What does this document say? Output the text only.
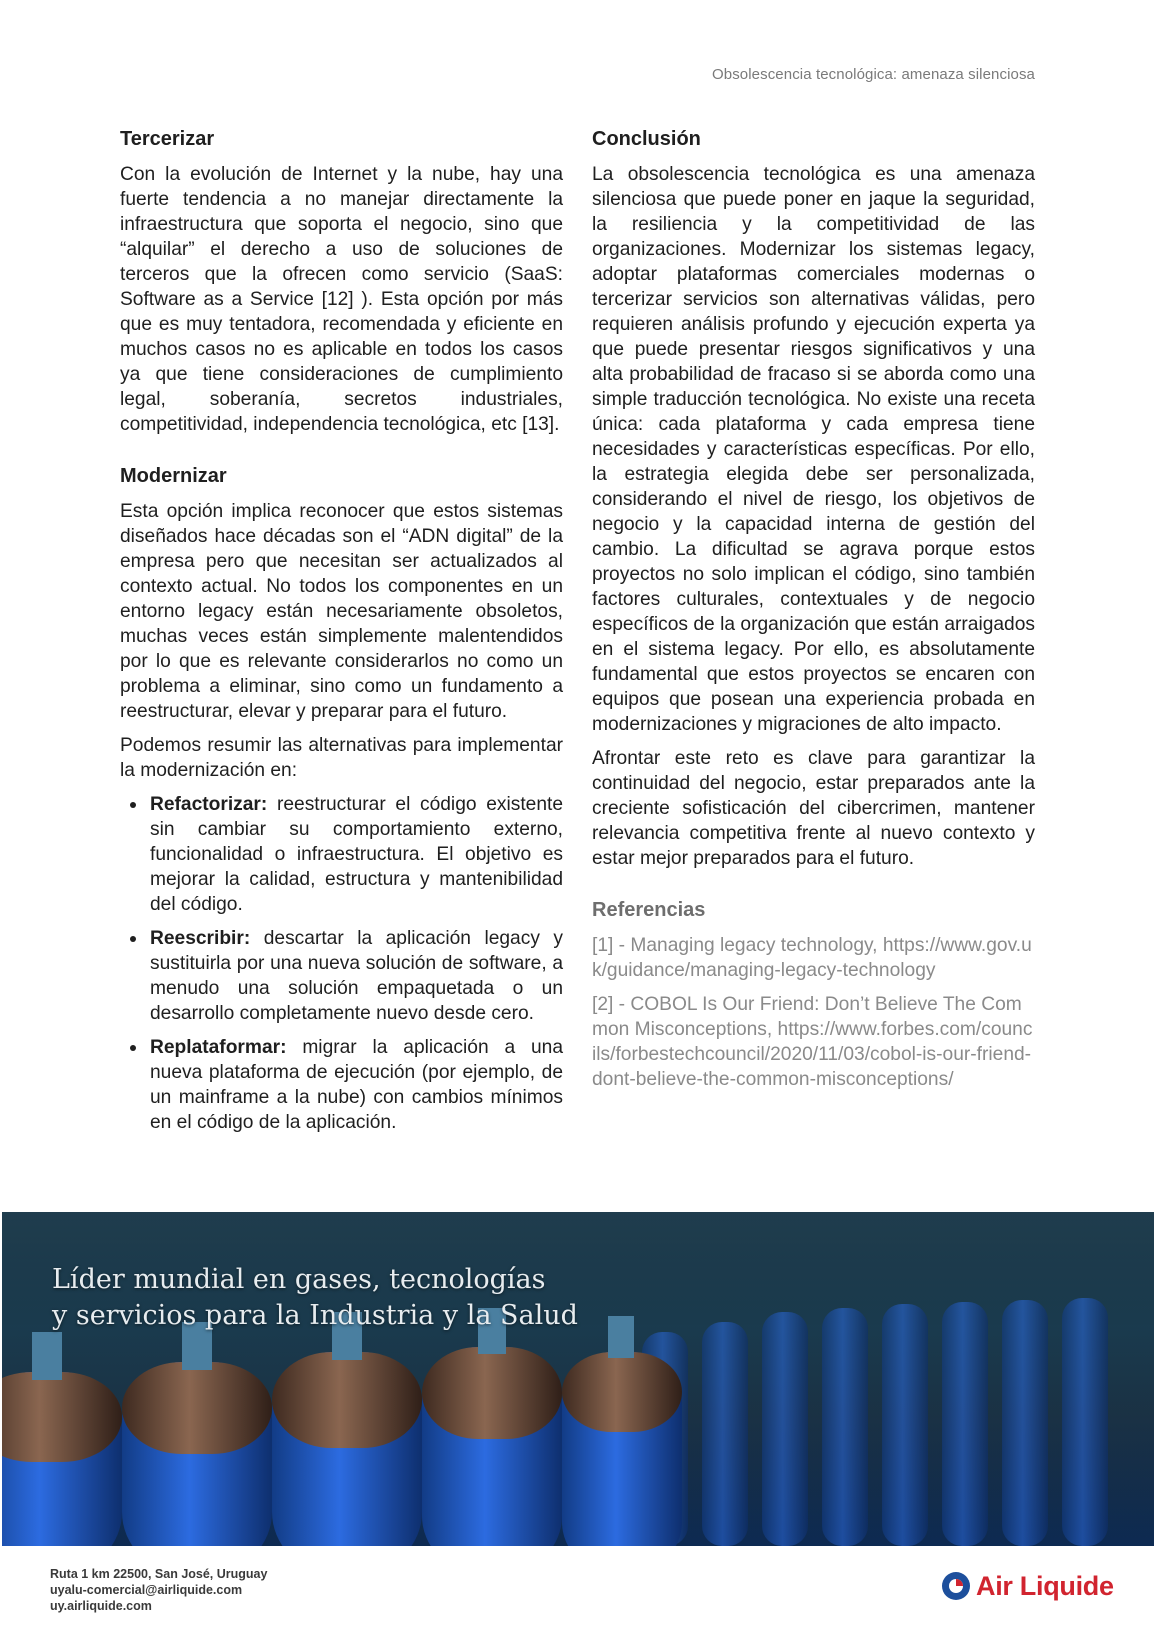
Obsolescencia tecnológica: amenaza silenciosa
Tercerizar

Con la evolución de Internet y la nube, hay una fuerte tendencia a no manejar directamente la infraestructura que soporta el negocio, sino que “alquilar” el derecho a uso de soluciones de terceros que la ofrecen como servicio (SaaS: Software as a Service [12] ). Esta opción por más que es muy tentadora, recomendada y eficiente en muchos casos no es aplicable en todos los casos ya que tiene consideraciones de cumplimiento legal, soberanía, secretos industriales, competitividad, independencia tecnológica, etc [13].

Modernizar

Esta opción implica reconocer que estos sistemas diseñados hace décadas son el “ADN digital” de la empresa pero que necesitan ser actualizados al contexto actual. No todos los componentes en un entorno legacy están necesariamente obsoletos, muchas veces están simplemente malentendidos por lo que es relevante considerarlos no como un problema a eliminar, sino como un fundamento a reestructurar, elevar y preparar para el futuro.

Podemos resumir las alternativas para implementar la modernización en:

Refactorizar: reestructurar el código existente sin cambiar su comportamiento externo, funcionalidad o infraestructura. El objetivo es mejorar la calidad, estructura y mantenibilidad del código.
Reescribir: descartar la aplicación legacy y sustituirla por una nueva solución de software, a menudo una solución empaquetada o un desarrollo completamente nuevo desde cero.
Replataformar: migrar la aplicación a una nueva plataforma de ejecución (por ejemplo, de un mainframe a la nube) con cambios mínimos en el código de la aplicación.
Conclusión

La obsolescencia tecnológica es una amenaza silenciosa que puede poner en jaque la seguridad, la resiliencia y la competitividad de las organizaciones. Modernizar los sistemas legacy, adoptar plataformas comerciales modernas o tercerizar servicios son alternativas válidas, pero requieren análisis profundo y ejecución experta ya que puede presentar riesgos significativos y una alta probabilidad de fracaso si se aborda como una simple traducción tecnológica. No existe una receta única: cada plataforma y cada empresa tiene necesidades y características específicas. Por ello, la estrategia elegida debe ser personalizada, considerando el nivel de riesgo, los objetivos de negocio y la capacidad interna de gestión del cambio. La dificultad se agrava porque estos proyectos no solo implican el código, sino también factores culturales, contextuales y de negocio específicos de la organización que están arraigados en el sistema legacy. Por ello, es absolutamente fundamental que estos proyectos se encaren con equipos que posean una experiencia probada en modernizaciones y migraciones de alto impacto.

Afrontar este reto es clave para garantizar la continuidad del negocio, estar preparados ante la creciente sofisticación del cibercrimen, mantener relevancia competitiva frente al nuevo contexto y estar mejor preparados para el futuro.

Referencias

[1] - Managing legacy technology, https://www.gov.uk/guidance/managing-legacy-technology

[2] - COBOL Is Our Friend: Don’t Believe The Common Misconceptions, https://www.forbes.com/councils/forbestechcouncil/2020/11/03/cobol-is-our-friend-dont-believe-the-common-misconceptions/

Líder mundial en gases, tecnologías
y servicios para la Industria y la Salud
Ruta 1 km 22500, San José, Uruguay
uyalu-comercial@airliquide.com
uy.airliquide.com
Air Liquide
